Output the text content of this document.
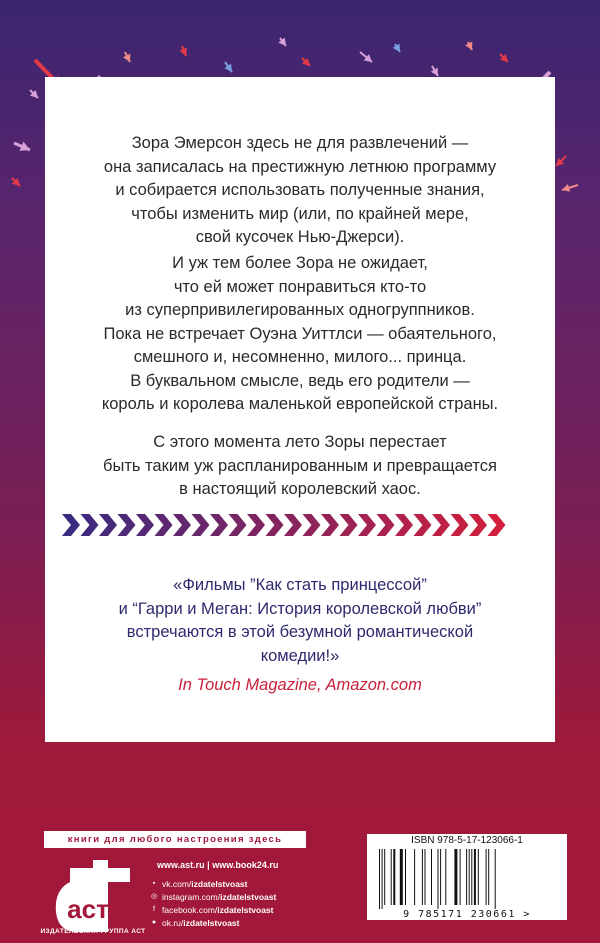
Зора Эмерсон здесь не для развлечений —
она записалась на престижную летнюю программу
и собирается использовать полученные знания,
чтобы изменить мир (или, по крайней мере,
свой кусочек Нью-Джерси).
И уж тем более Зора не ожидает,
что ей может понравиться кто-то
из суперпривилегированных одногруппников.
Пока не встречает Оуэна Уиттлси — обаятельного,
смешного и, несомненно, милого... принца.
В буквальном смысле, ведь его родители —
король и королева маленькой европейской страны.
С этого момента лето Зоры перестает
быть таким уж распланированным и превращается
в настоящий королевский хаос.
«Фильмы ”Как стать принцессой”
и “Гарри и Меган: История королевской любви”
встречаются в этой безумной романтической
комедии!»
In Touch Magazine, Amazon.com
книги для любого настроения здесь
аст
ИЗДАТЕЛЬСКАЯ ГРУППА АСТ
www.ast.ru | www.book24.ru
▪ vk.com/ izdatelstvoast
◎ instagram.com/ izdatelstvoast
f facebook.com/ izdatelstvoast
● ok.ru/ izdatelstvoast
ISBN 978-5-17-123066-1
9 785171 230661 >
